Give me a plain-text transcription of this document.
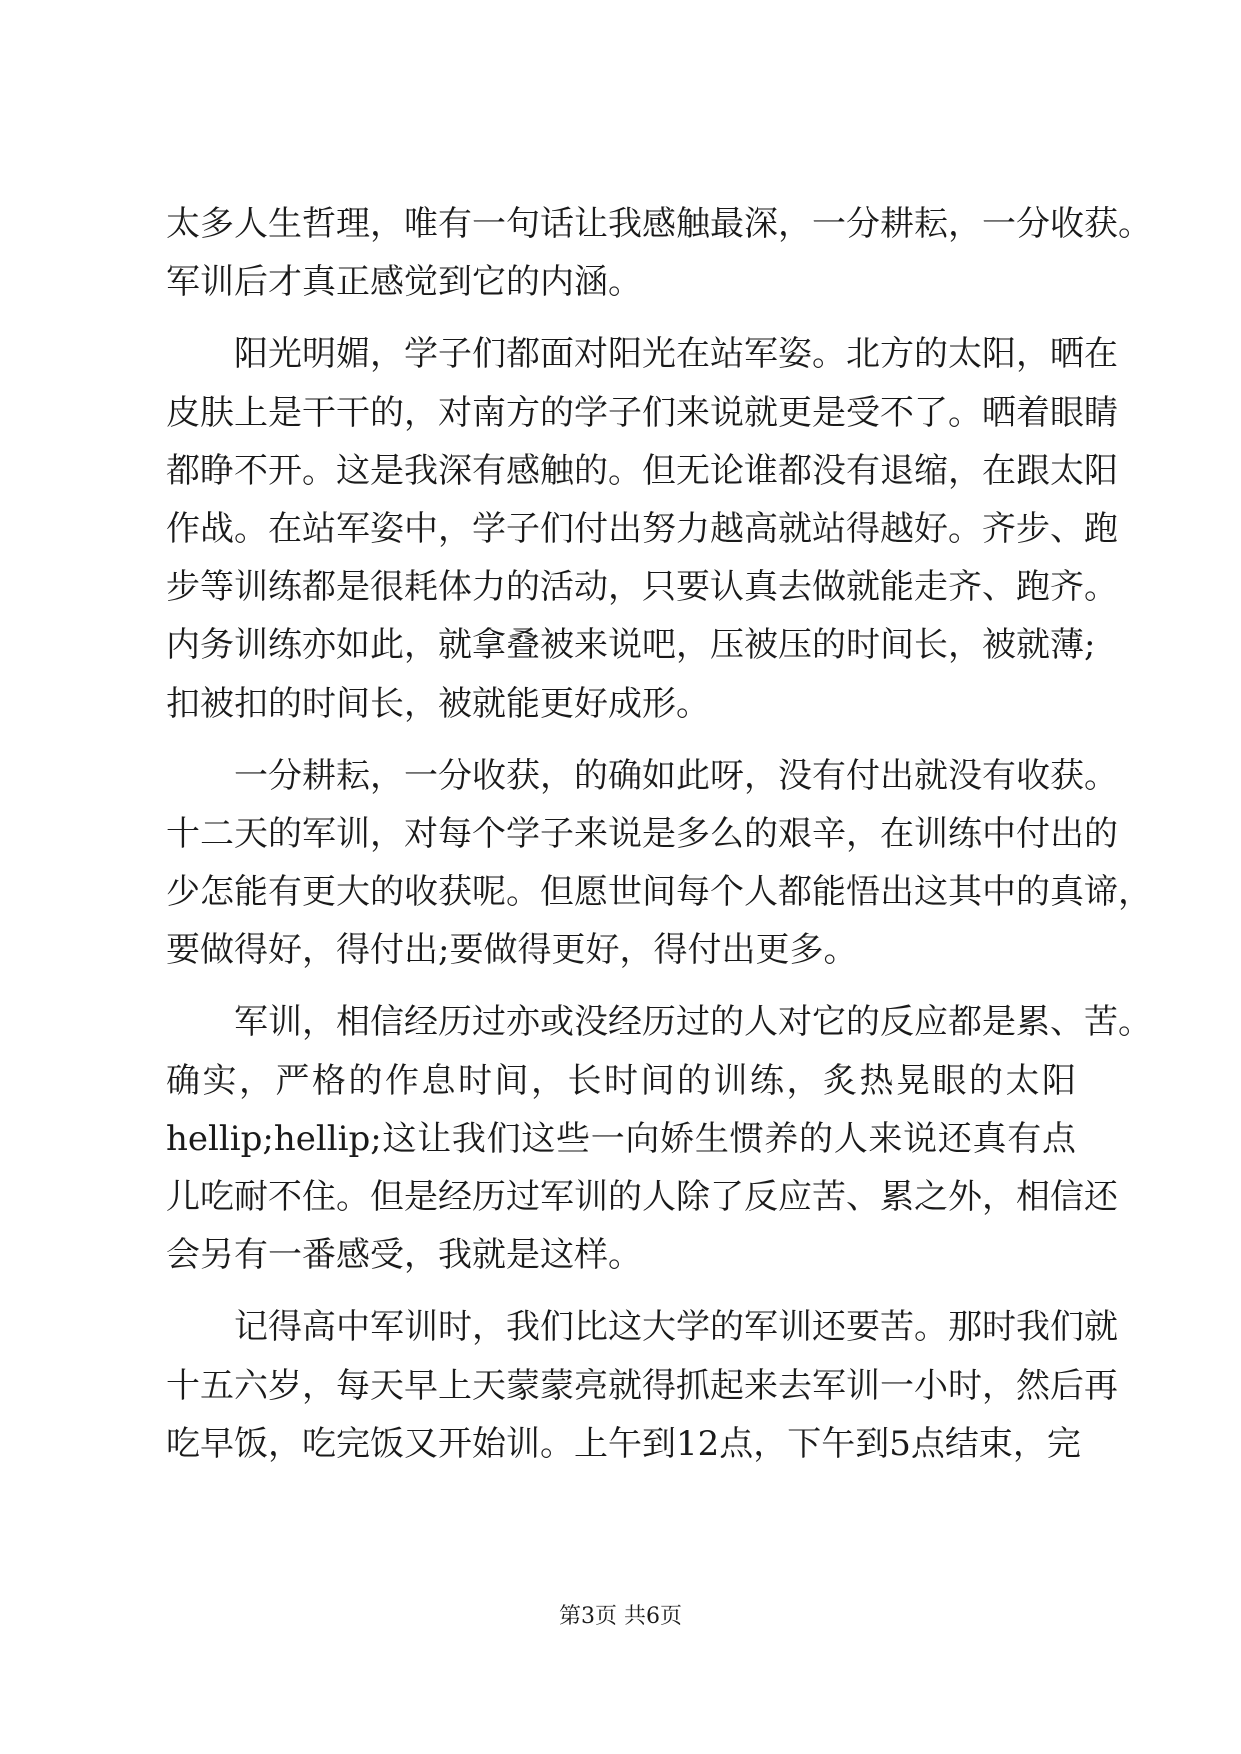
太多人生哲理，唯有一句话让我感触最深，一分耕耘，一分收获。
军训后才真正感觉到它的内涵。
阳光明媚，学子们都面对阳光在站军姿。北方的太阳，晒在
皮肤上是干干的，对南方的学子们来说就更是受不了。晒着眼睛
都睁不开。这是我深有感触的。但无论谁都没有退缩，在跟太阳
作战。在站军姿中，学子们付出努力越高就站得越好。齐步、跑
步等训练都是很耗体力的活动，只要认真去做就能走齐、跑齐。
内务训练亦如此，就拿叠被来说吧，压被压的时间长，被就薄;
扣被扣的时间长，被就能更好成形。
一分耕耘，一分收获，的确如此呀，没有付出就没有收获。
十二天的军训，对每个学子来说是多么的艰辛，在训练中付出的
少怎能有更大的收获呢。但愿世间每个人都能悟出这其中的真谛，
要做得好，得付出;要做得更好，得付出更多。
军训，相信经历过亦或没经历过的人对它的反应都是累、苦。
确实，严格的作息时间，长时间的训练，炙热晃眼的太阳
hellip;hellip;这让我们这些一向娇生惯养的人来说还真有点
儿吃耐不住。但是经历过军训的人除了反应苦、累之外，相信还
会另有一番感受，我就是这样。
记得高中军训时，我们比这大学的军训还要苦。那时我们就
十五六岁，每天早上天蒙蒙亮就得抓起来去军训一小时，然后再
吃早饭，吃完饭又开始训。上午到12点，下午到5点结束，完
第3页 共6页
